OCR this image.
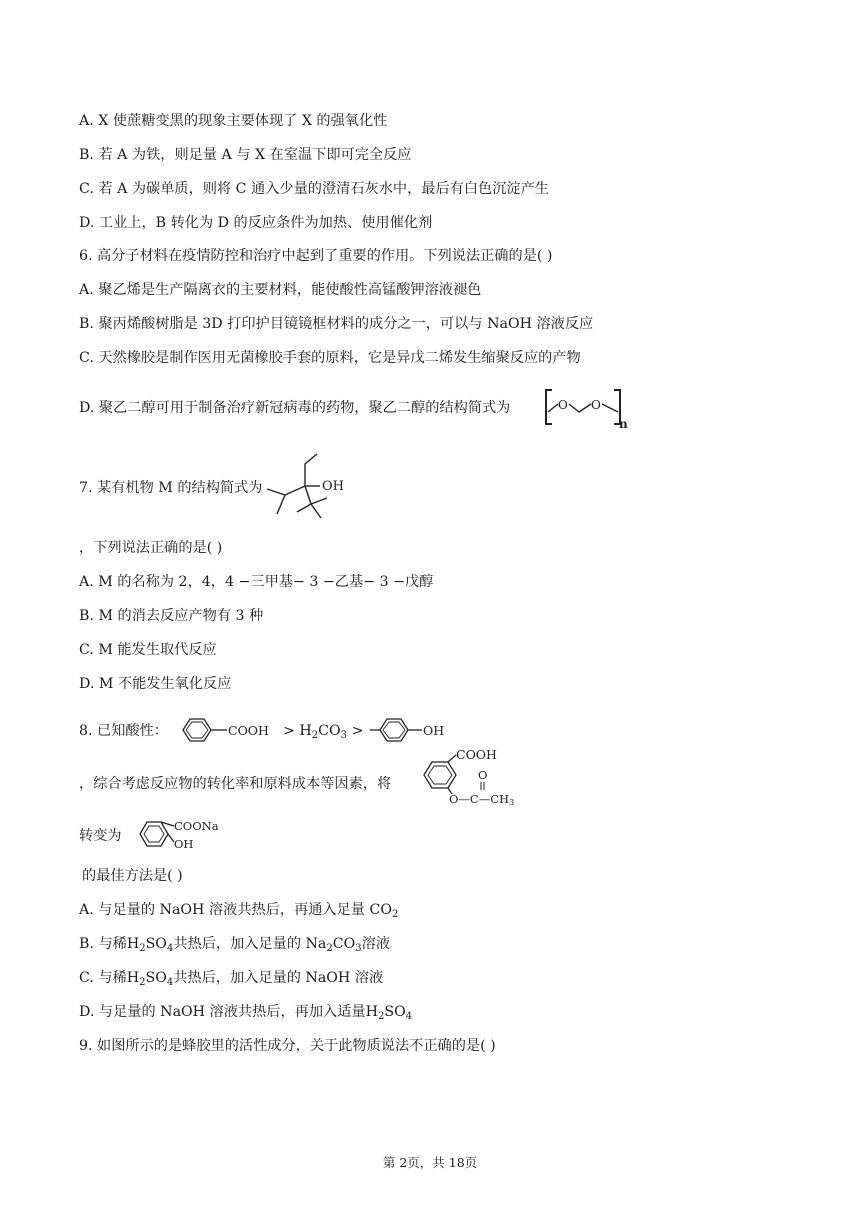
A. X 使蔗糖变黑的现象主要体现了 X 的强氧化性
B. 若 A 为铁，则足量 A 与 X 在室温下即可完全反应
C. 若 A 为碳单质，则将 C 通入少量的澄清石灰水中，最后有白色沉淀产生
D. 工业上，B 转化为 D 的反应条件为加热、使用催化剂
6. 高分子材料在疫情防控和治疗中起到了重要的作用。下列说法正确的是( )
A. 聚乙烯是生产隔离衣的主要材料，能使酸性高锰酸钾溶液褪色
B. 聚丙烯酸树脂是 3D 打印护目镜镜框材料的成分之一，可以与 NaOH 溶液反应
C. 天然橡胶是制作医用无菌橡胶手套的原料，它是异戊二烯发生缩聚反应的产物
D. 聚乙二醇可用于制备治疗新冠病毒的药物，聚乙二醇的结构简式为	O O
n
7. 某有机物 M 的结构简式为	OH
，下列说法正确的是( )
A. M 的名称为 2，4，4 −三甲基− 3 −乙基− 3 −戊醇
B. M 的消去反应产物有 3 种
C. M 能发生取代反应
D. M 不能发生氧化反应
8. 已知酸性：	COOH > $H_2CO_3$ >	OH
，综合考虑反应物的转化率和原料成本等因素，将
COOH
O
O—C—CH3
转变为
COONa
OH
的最佳方法是( )
A. 与足量的 NaOH 溶液共热后，再通入足量 $CO_2$
B. 与稀$H_2SO_4$共热后，加入足量的 $Na_2CO_3$溶液
C. 与稀$H_2SO_4$共热后，加入足量的 NaOH 溶液
D. 与足量的 NaOH 溶液共热后，再加入适量$H_2SO_4$
9. 如图所示的是蜂胶里的活性成分，关于此物质说法不正确的是( )
第 2页，共 18页
